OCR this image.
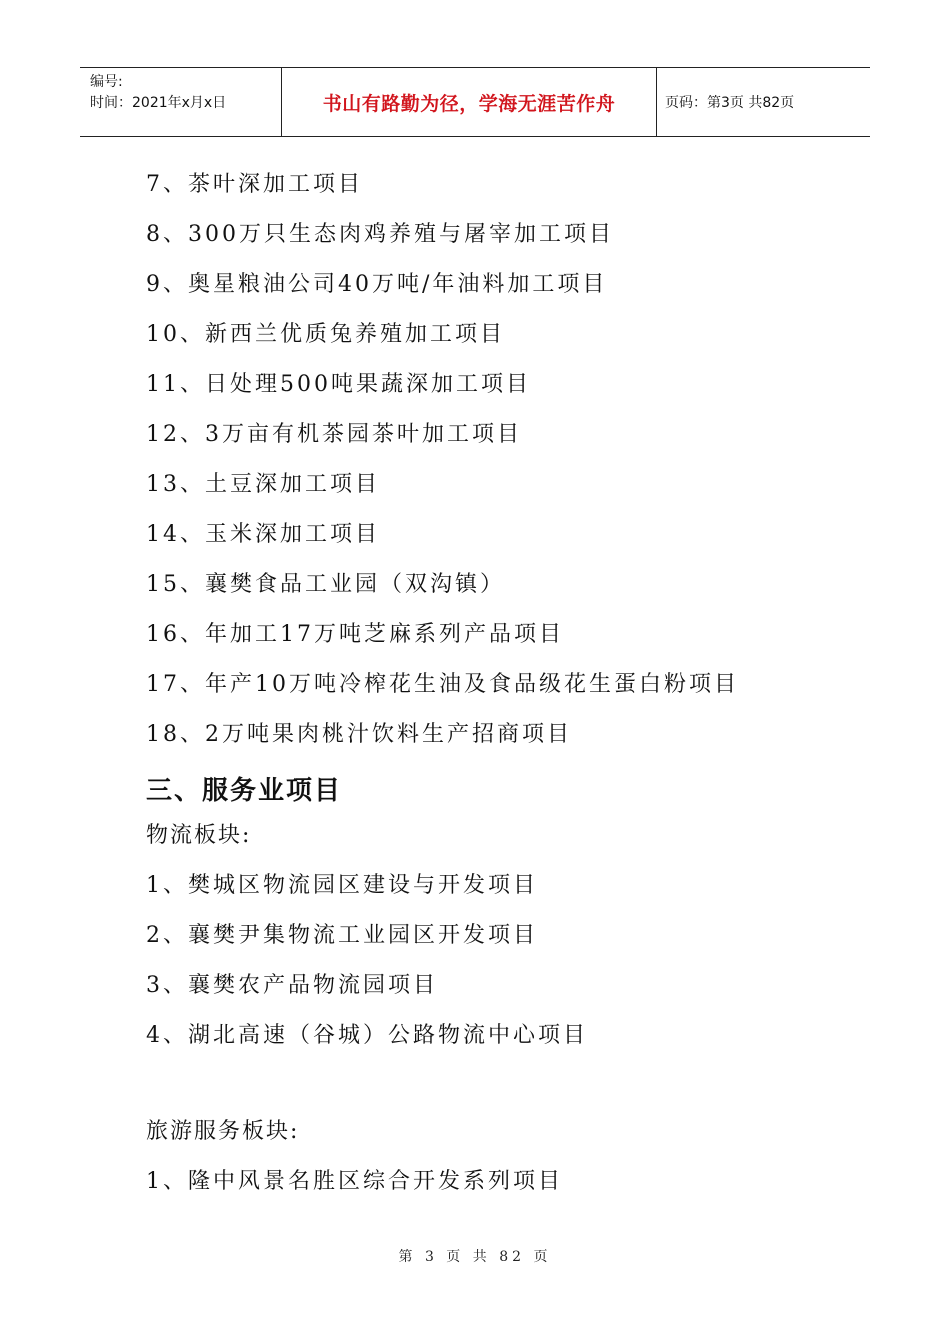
编号:
时间：2021年x月x日	书山有路勤为径，学海无涯苦作舟	页码：第3页 共82页
7、茶叶深加工项目
8、300万只生态肉鸡养殖与屠宰加工项目
9、奥星粮油公司40万吨/年油料加工项目
10、新西兰优质兔养殖加工项目
11、日处理500吨果蔬深加工项目
12、3万亩有机茶园茶叶加工项目
13、土豆深加工项目
14、玉米深加工项目
15、襄樊食品工业园（双沟镇）
16、年加工17万吨芝麻系列产品项目
17、年产10万吨冷榨花生油及食品级花生蛋白粉项目
18、2万吨果肉桃汁饮料生产招商项目
三、服务业项目
物流板块:
1、樊城区物流园区建设与开发项目
2、襄樊尹集物流工业园区开发项目
3、襄樊农产品物流园项目
4、湖北高速（谷城）公路物流中心项目
旅游服务板块:
1、隆中风景名胜区综合开发系列项目
第 3 页 共 82 页
